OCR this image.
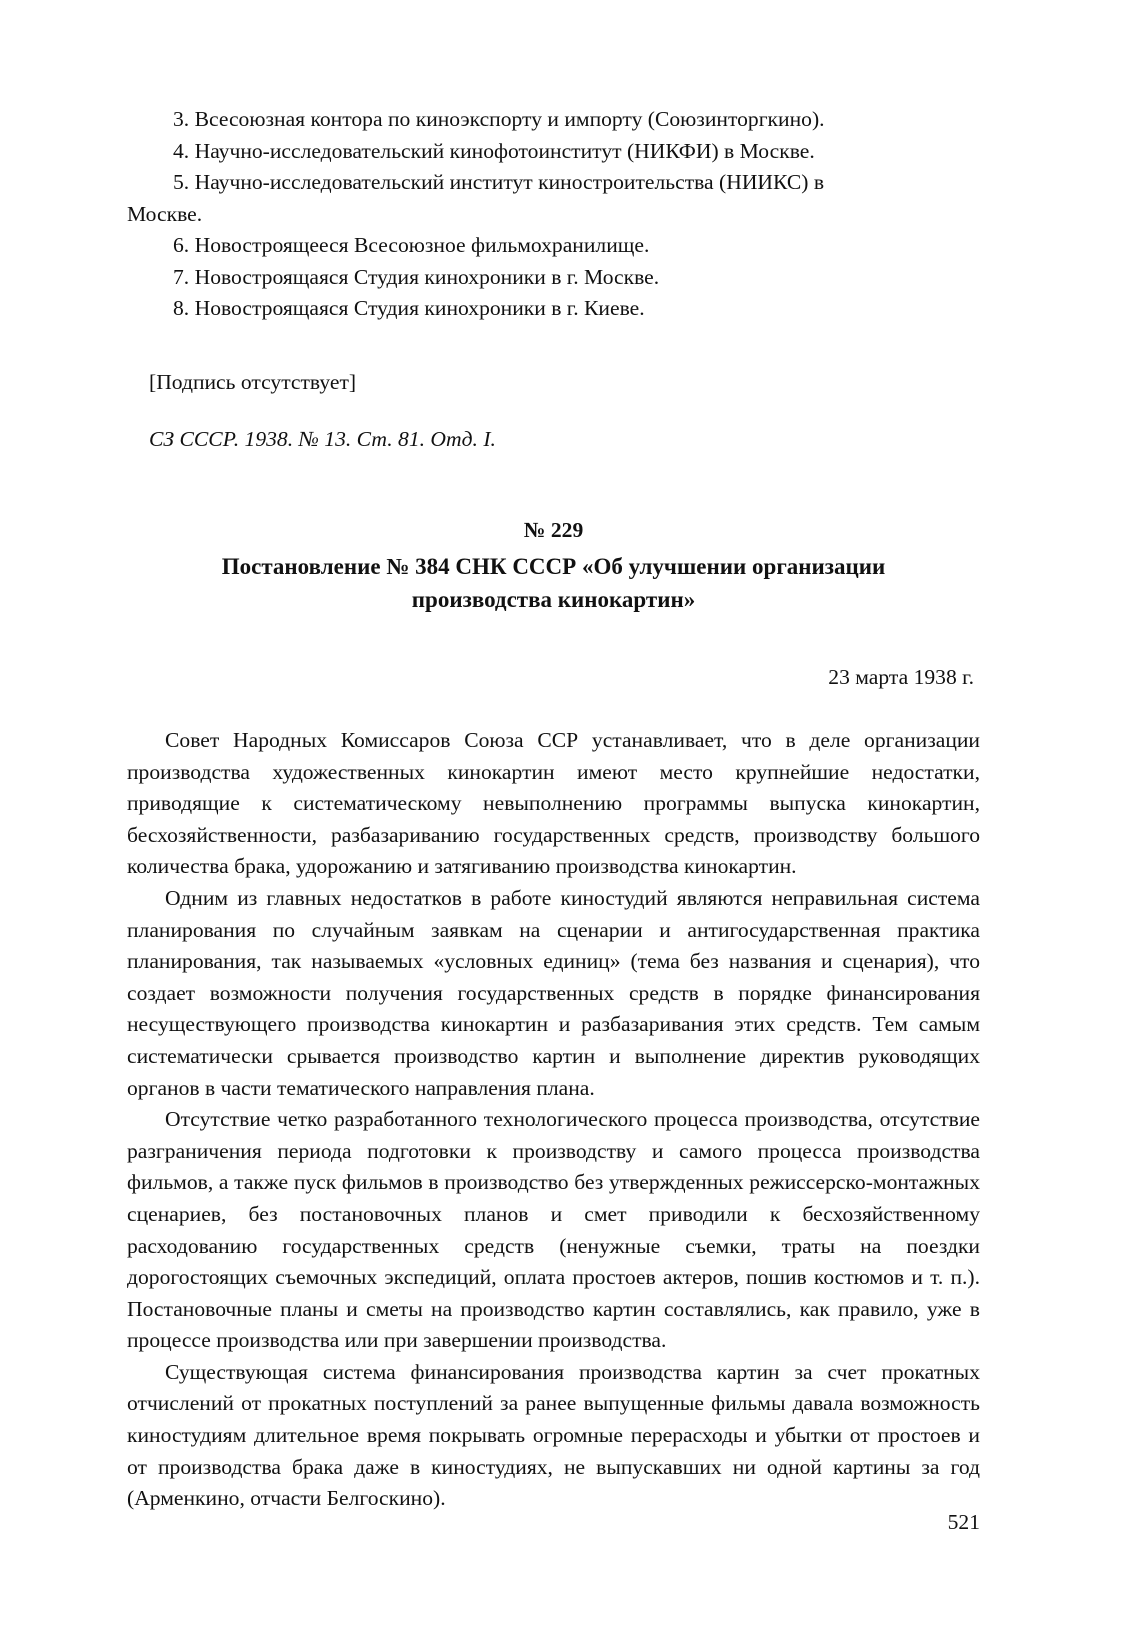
3. Всесоюзная контора по киноэкспорту и импорту (Союзинторгкино).

4. Научно-исследовательский кинофотоинститут (НИКФИ) в Москве.

5. Научно-исследовательский институт киностроительства (НИИКС) в

Москве.

6. Новостроящееся Всесоюзное фильмохранилище.

7. Новостроящаяся Студия кинохроники в г. Москве.

8. Новостроящаяся Студия кинохроники в г. Киеве.

[Подпись отсутствует]

СЗ СССР. 1938. № 13. Ст. 81. Отд. I.

№ 229

Постановление № 384 СНК СССР «Об улучшении организации производства кинокартин»

23 марта 1938 г.

Совет Народных Комиссаров Союза ССР устанавливает, что в деле организации производства художественных кинокартин имеют место крупнейшие недостатки, приводящие к систематическому невыполнению программы выпуска кинокартин, бесхозяйственности, разбазариванию государственных средств, производству большого количества брака, удорожанию и затягиванию производства кинокартин.

Одним из главных недостатков в работе киностудий являются неправильная система планирования по случайным заявкам на сценарии и антигосударственная практика планирования, так называемых «условных единиц» (тема без названия и сценария), что создает возможности получения государственных средств в порядке финансирования несуществующего производства кинокартин и разбазаривания этих средств. Тем самым систематически срывается производство картин и выполнение директив руководящих органов в части тематического направления плана.

Отсутствие четко разработанного технологического процесса производства, отсутствие разграничения периода подготовки к производству и самого процесса производства фильмов, а также пуск фильмов в производство без утвержденных режиссерско-монтажных сценариев, без постановочных планов и смет приводили к бесхозяйственному расходованию государственных средств (ненужные съемки, траты на поездки дорогостоящих съемочных экспедиций, оплата простоев актеров, пошив костюмов и т. п.). Постановочные планы и сметы на производство картин составлялись, как правило, уже в процессе производства или при завершении производства.

Существующая система финансирования производства картин за счет прокатных отчислений от прокатных поступлений за ранее выпущенные фильмы давала возможность киностудиям длительное время покрывать огромные перерасходы и убытки от простоев и от производства брака даже в киностудиях, не выпускавших ни одной картины за год (Арменкино, отчасти Белгоскино).

521
